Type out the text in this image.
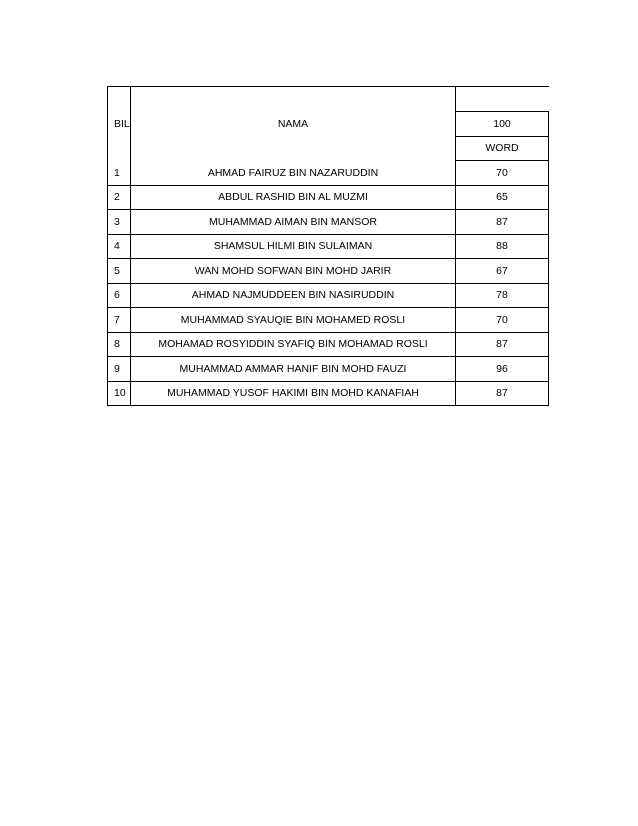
BIL	NAMA	
		100
		WORD
1	AHMAD FAIRUZ BIN NAZARUDDIN	70
2	ABDUL RASHID BIN AL MUZMI	65
3	MUHAMMAD AIMAN BIN MANSOR	87
4	SHAMSUL HILMI BIN SULAIMAN	88
5	WAN MOHD SOFWAN BIN MOHD JARIR	67
6	AHMAD NAJMUDDEEN BIN NASIRUDDIN	78
7	MUHAMMAD SYAUQIE BIN MOHAMED ROSLI	70
8	MOHAMAD ROSYIDDIN SYAFIQ BIN MOHAMAD ROSLI	87
9	MUHAMMAD AMMAR HANIF BIN MOHD FAUZI	96
10	MUHAMMAD YUSOF HAKIMI BIN MOHD KANAFIAH	87
